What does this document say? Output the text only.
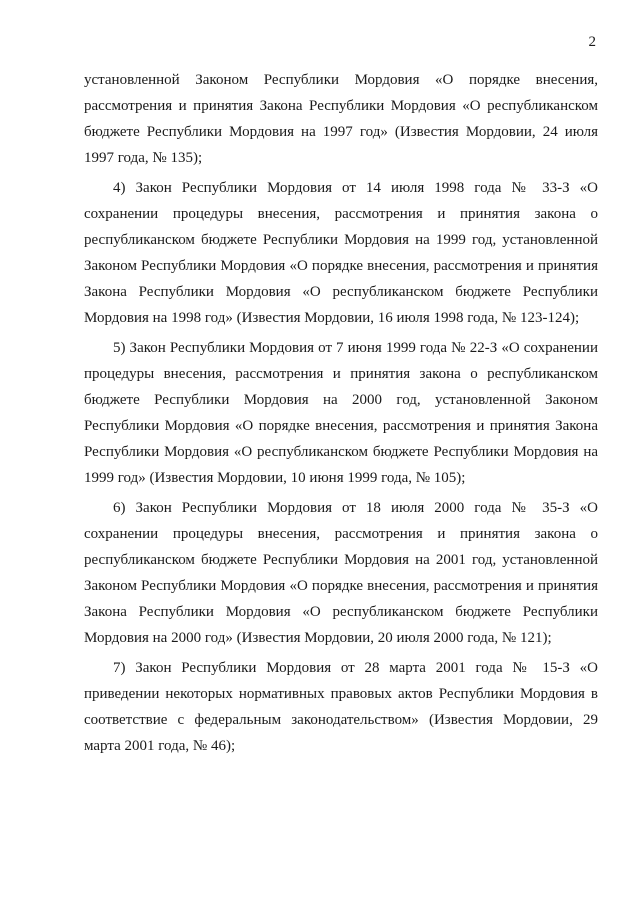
2

установленной Законом Республики Мордовия «О порядке внесения, рассмотрения и принятия Закона Республики Мордовия «О республиканском бюджете Республики Мордовия на 1997 год» (Известия Мордовии, 24 июля 1997 года, № 135);

4) Закон Республики Мордовия от 14 июля 1998 года № 33-З «О сохранении процедуры внесения, рассмотрения и принятия закона о республиканском бюджете Республики Мордовия на 1999 год, установленной Законом Республики Мордовия «О порядке внесения, рассмотрения и принятия Закона Республики Мордовия «О республиканском бюджете Республики Мордовия на 1998 год» (Известия Мордовии, 16 июля 1998 года, № 123-124);

5) Закон Республики Мордовия от 7 июня 1999 года № 22-З «О сохранении процедуры внесения, рассмотрения и принятия закона о республиканском бюджете Республики Мордовия на 2000 год, установленной Законом Республики Мордовия «О порядке внесения, рассмотрения и принятия Закона Республики Мордовия «О республиканском бюджете Республики Мордовия на 1999 год» (Известия Мордовии, 10 июня 1999 года, № 105);

6) Закон Республики Мордовия от 18 июля 2000 года № 35-З «О сохранении процедуры внесения, рассмотрения и принятия закона о республиканском бюджете Республики Мордовия на 2001 год, установленной Законом Республики Мордовия «О порядке внесения, рассмотрения и принятия Закона Республики Мордовия «О республиканском бюджете Республики Мордовия на 2000 год» (Известия Мордовии, 20 июля 2000 года, № 121);

7) Закон Республики Мордовия от 28 марта 2001 года № 15-З «О приведении некоторых нормативных правовых актов Республики Мордовия в соответствие с федеральным законодательством» (Известия Мордовии, 29 марта 2001 года, № 46);
